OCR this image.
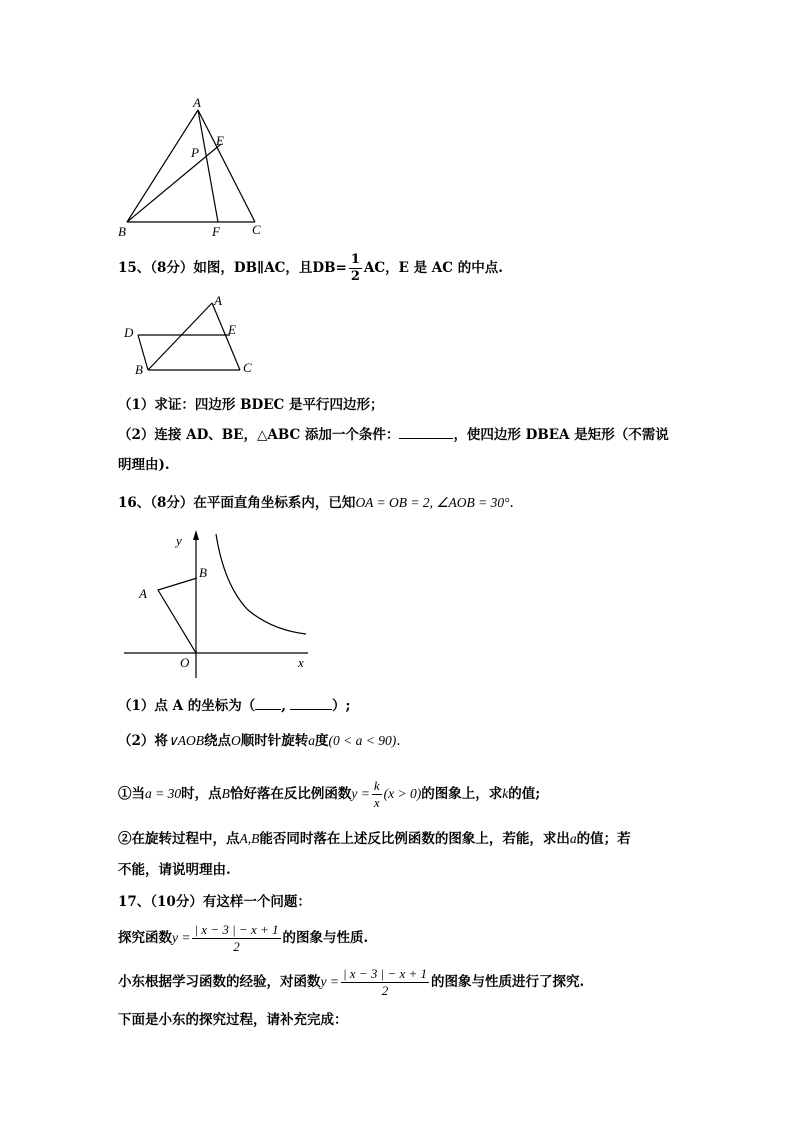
A
E
P
B	F C
15、（8分）如图，DB∥AC，且$DB= \frac{1}{2}$ AC，E 是 AC 的中点.
A
D	E
B	C
（1）求证：四边形 BDEC 是平行四边形；
（2）连接 AD、BE，△ABC 添加一个条件：	，使四边形 DBEA 是矩形（不需说
明理由).
16、（8分）在平面直角坐标系内，已知OA = OB = 2, ∠AOB = 30°.
y
B
A
O	x
（1）点 A 的坐标为（ ,	）;
（2）将∨AOB绕点O顺时针旋转a度(0 < a < 90).
①当a = 30时，点B恰好落在反比例函数$y = \frac{k}{x} (x > 0)$的图象上，求k的值;
②在旋转过程中，点A,B能否同时落在上述反比例函数的图象上，若能，求出a的值；若
不能，请说明理由.
17、（10分）有这样一个问题：
探究函数$y = \frac{| x - 3 | - x + 1}{2}$ 的图象与性质.
小东根据学习函数的经验，对函数$y = \frac{| x - 3 | - x + 1}{2}$ 的图象与性质进行了探究.
下面是小东的探究过程，请补充完成：
